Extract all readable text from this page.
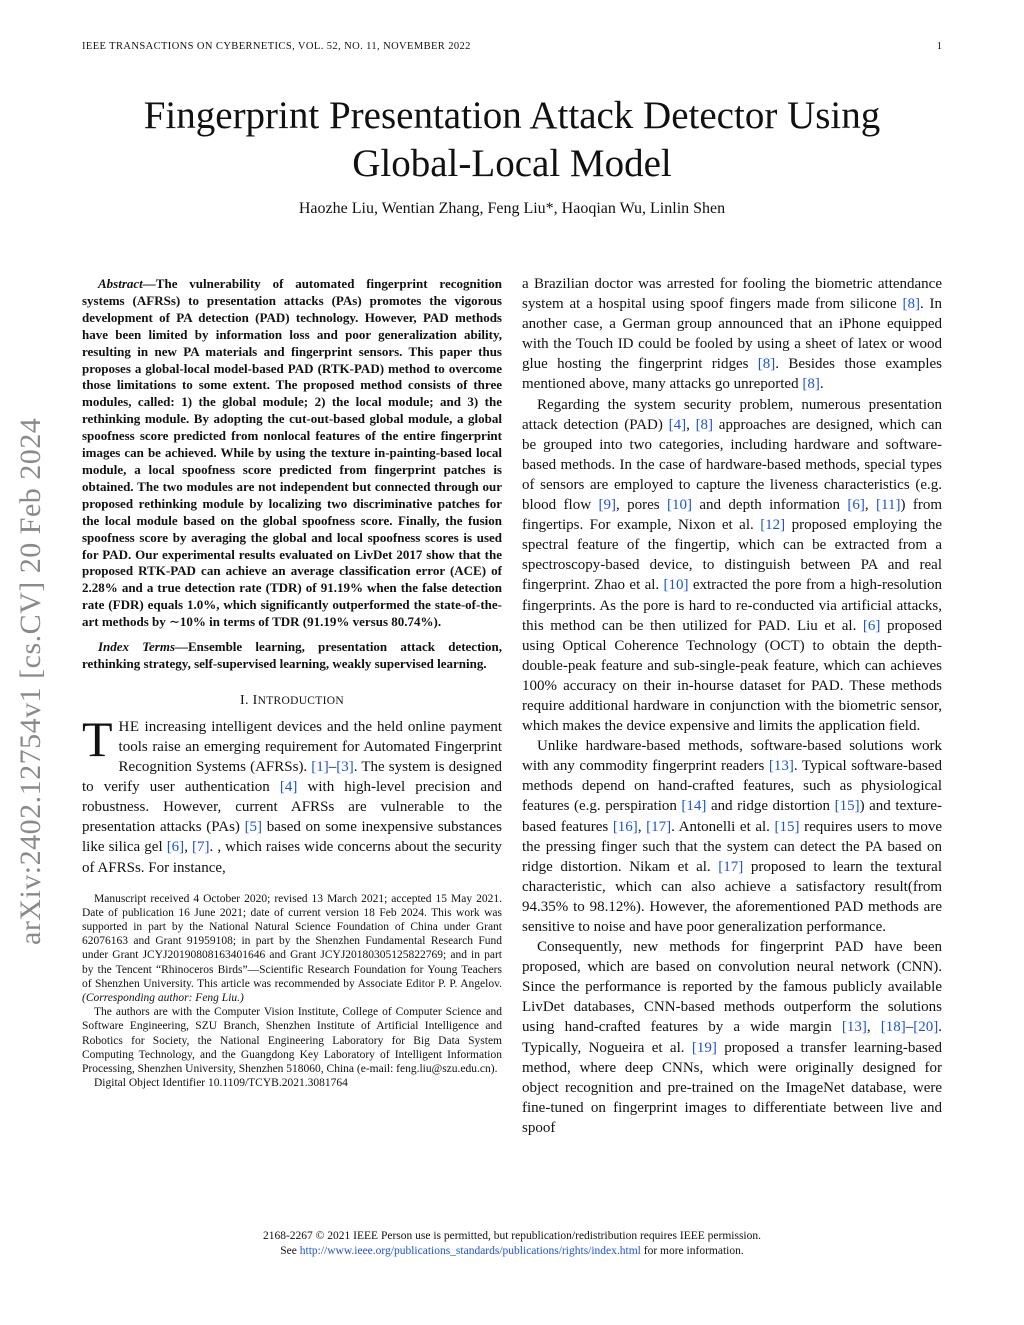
IEEE TRANSACTIONS ON CYBERNETICS, VOL. 52, NO. 11, NOVEMBER 2022	1
Fingerprint Presentation Attack Detector Using
Global-Local Model
Haozhe Liu, Wentian Zhang, Feng Liu*, Haoqian Wu, Linlin Shen
arXiv:2402.12754v1 [cs.CV] 20 Feb 2024

Abstract—The vulnerability of automated fingerprint recognition systems (AFRSs) to presentation attacks (PAs) promotes the vigorous development of PA detection (PAD) technology. However, PAD methods have been limited by information loss and poor generalization ability, resulting in new PA materials and fingerprint sensors. This paper thus proposes a global-local model-based PAD (RTK-PAD) method to overcome those limitations to some extent. The proposed method consists of three modules, called: 1) the global module; 2) the local module; and 3) the rethinking module. By adopting the cut-out-based global module, a global spoofness score predicted from nonlocal features of the entire fingerprint images can be achieved. While by using the texture in-painting-based local module, a local spoofness score predicted from fingerprint patches is obtained. The two modules are not independent but connected through our proposed rethinking module by localizing two discriminative patches for the local module based on the global spoofness score. Finally, the fusion spoofness score by averaging the global and local spoofness scores is used for PAD. Our experimental results evaluated on LivDet 2017 show that the proposed RTK-PAD can achieve an average classification error (ACE) of 2.28% and a true detection rate (TDR) of 91.19% when the false detection rate (FDR) equals 1.0%, which significantly outperformed the state-of-the-art methods by ∼10% in terms of TDR (91.19% versus 80.74%).

Index Terms—Ensemble learning, presentation attack detection, rethinking strategy, self-supervised learning, weakly supervised learning.

I. INTRODUCTION

THE increasing intelligent devices and the held online payment tools raise an emerging requirement for Automated Fingerprint Recognition Systems (AFRSs). [1]–[3]. The system is designed to verify user authentication [4] with high-level precision and robustness. However, current AFRSs are vulnerable to the presentation attacks (PAs) [5] based on some inexpensive substances like silica gel [6], [7]. , which raises wide concerns about the security of AFRSs. For instance,

Manuscript received 4 October 2020; revised 13 March 2021; accepted 15 May 2021. Date of publication 16 June 2021; date of current version 18 Feb 2024. This work was supported in part by the National Natural Science Foundation of China under Grant 62076163 and Grant 91959108; in part by the Shenzhen Fundamental Research Fund under Grant JCYJ20190808163401646 and Grant JCYJ20180305125822769; and in part by the Tencent “Rhinoceros Birds”—Scientific Research Foundation for Young Teachers of Shenzhen University. This article was recommended by Associate Editor P. P. Angelov. (Corresponding author: Feng Liu.)

The authors are with the Computer Vision Institute, College of Computer Science and Software Engineering, SZU Branch, Shenzhen Institute of Artificial Intelligence and Robotics for Society, the National Engineering Laboratory for Big Data System Computing Technology, and the Guangdong Key Laboratory of Intelligent Information Processing, Shenzhen University, Shenzhen 518060, China (e-mail: feng.liu@szu.edu.cn).

Digital Object Identifier 10.1109/TCYB.2021.3081764

a Brazilian doctor was arrested for fooling the biometric attendance system at a hospital using spoof fingers made from silicone [8]. In another case, a German group announced that an iPhone equipped with the Touch ID could be fooled by using a sheet of latex or wood glue hosting the fingerprint ridges [8]. Besides those examples mentioned above, many attacks go unreported [8].

Regarding the system security problem, numerous presentation attack detection (PAD) [4], [8] approaches are designed, which can be grouped into two categories, including hardware and software-based methods. In the case of hardware-based methods, special types of sensors are employed to capture the liveness characteristics (e.g. blood flow [9], pores [10] and depth information [6], [11]) from fingertips. For example, Nixon et al. [12] proposed employing the spectral feature of the fingertip, which can be extracted from a spectroscopy-based device, to distinguish between PA and real fingerprint. Zhao et al. [10] extracted the pore from a high-resolution fingerprints. As the pore is hard to re-conducted via artificial attacks, this method can be then utilized for PAD. Liu et al. [6] proposed using Optical Coherence Technology (OCT) to obtain the depth-double-peak feature and sub-single-peak feature, which can achieves 100% accuracy on their in-hourse dataset for PAD. These methods require additional hardware in conjunction with the biometric sensor, which makes the device expensive and limits the application field.

Unlike hardware-based methods, software-based solutions work with any commodity fingerprint readers [13]. Typical software-based methods depend on hand-crafted features, such as physiological features (e.g. perspiration [14] and ridge distortion [15]) and texture-based features [16], [17]. Antonelli et al. [15] requires users to move the pressing finger such that the system can detect the PA based on ridge distortion. Nikam et al. [17] proposed to learn the textural characteristic, which can also achieve a satisfactory result(from 94.35% to 98.12%). However, the aforementioned PAD methods are sensitive to noise and have poor generalization performance.

Consequently, new methods for fingerprint PAD have been proposed, which are based on convolution neural network (CNN). Since the performance is reported by the famous publicly available LivDet databases, CNN-based methods outperform the solutions using hand-crafted features by a wide margin [13], [18]–[20]. Typically, Nogueira et al. [19] proposed a transfer learning-based method, where deep CNNs, which were originally designed for object recognition and pre-trained on the ImageNet database, were fine-tuned on fingerprint images to differentiate between live and spoof

2168-2267 © 2021 IEEE Person use is permitted, but republication/redistribution requires IEEE permission.
See http://www.ieee.org/publications_standards/publications/rights/index.html for more information.
